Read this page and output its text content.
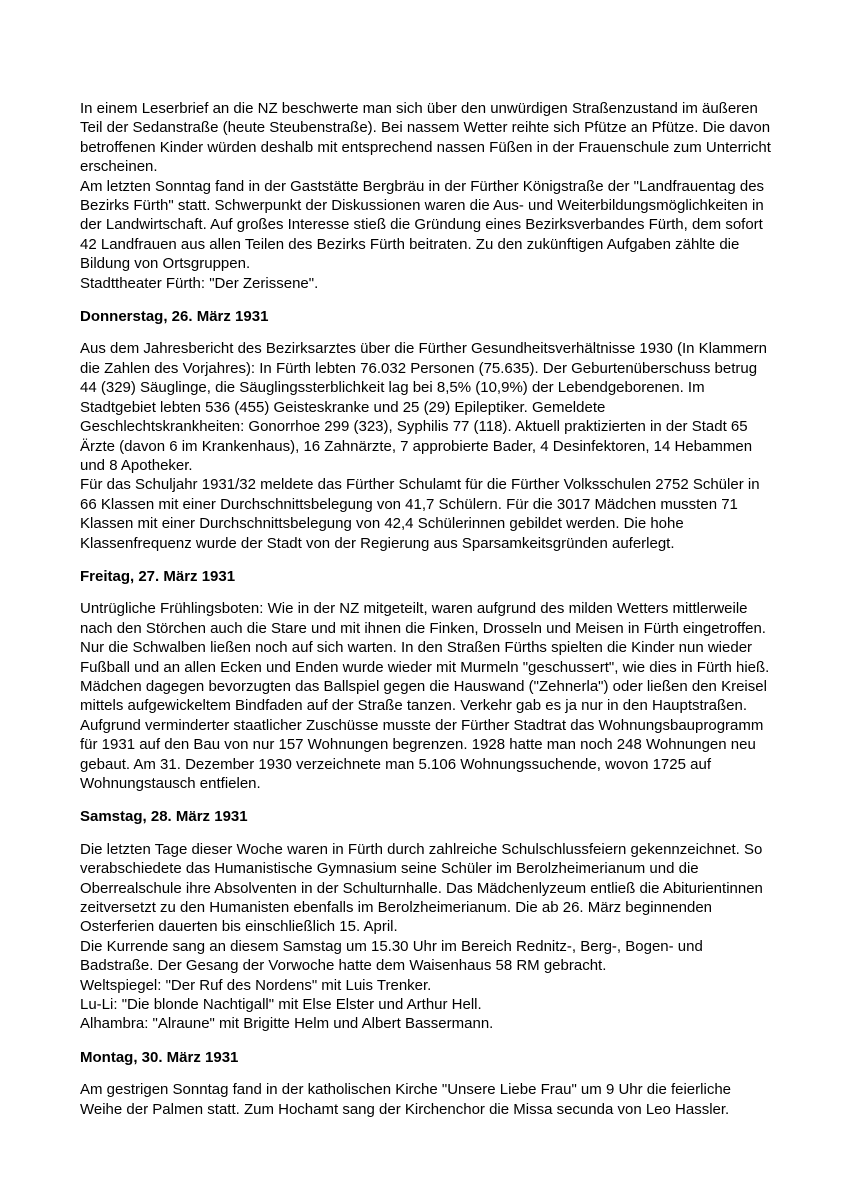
In einem Leserbrief an die NZ beschwerte man sich über den unwürdigen Straßenzustand im äußeren Teil der Sedanstraße (heute Steubenstraße). Bei nassem Wetter reihte sich Pfütze an Pfütze. Die davon betroffenen Kinder würden deshalb mit entsprechend nassen Füßen in der Frauenschule zum Unterricht erscheinen.

Am letzten Sonntag fand in der Gaststätte Bergbräu in der Fürther Königstraße der "Landfrauentag des Bezirks Fürth" statt. Schwerpunkt der Diskussionen waren die Aus- und Weiterbildungsmöglichkeiten in der Landwirtschaft. Auf großes Interesse stieß die Gründung eines Bezirksverbandes Fürth, dem sofort 42 Landfrauen aus allen Teilen des Bezirks Fürth beitraten. Zu den zukünftigen Aufgaben zählte die Bildung von Ortsgruppen.

Stadttheater Fürth: "Der Zerissene".

Donnerstag, 26. März 1931

Aus dem Jahresbericht des Bezirksarztes über die Fürther Gesundheitsverhältnisse 1930 (In Klammern die Zahlen des Vorjahres): In Fürth lebten 76.032 Personen (75.635). Der Geburtenüberschuss betrug 44 (329) Säuglinge, die Säuglingssterblichkeit lag bei 8,5% (10,9%) der Lebendgeborenen. Im Stadtgebiet lebten 536 (455) Geisteskranke und 25 (29) Epileptiker. Gemeldete Geschlechtskrankheiten: Gonorrhoe 299 (323), Syphilis 77 (118). Aktuell praktizierten in der Stadt 65 Ärzte (davon 6 im Krankenhaus), 16 Zahnärzte, 7 approbierte Bader, 4 Desinfektoren, 14 Hebammen und 8 Apotheker.

Für das Schuljahr 1931/32 meldete das Fürther Schulamt für die Fürther Volksschulen 2752 Schüler in 66 Klassen mit einer Durchschnittsbelegung von 41,7 Schülern. Für die 3017 Mädchen mussten 71 Klassen mit einer Durchschnittsbelegung von 42,4 Schülerinnen gebildet werden. Die hohe Klassenfrequenz wurde der Stadt von der Regierung aus Sparsamkeitsgründen auferlegt.

Freitag, 27. März 1931

Untrügliche Frühlingsboten: Wie in der NZ mitgeteilt, waren aufgrund des milden Wetters mittlerweile nach den Störchen auch die Stare und mit ihnen die Finken, Drosseln und Meisen in Fürth eingetroffen. Nur die Schwalben ließen noch auf sich warten. In den Straßen Fürths spielten die Kinder nun wieder Fußball und an allen Ecken und Enden wurde wieder mit Murmeln "geschussert", wie dies in Fürth hieß. Mädchen dagegen bevorzugten das Ballspiel gegen die Hauswand ("Zehnerla") oder ließen den Kreisel mittels aufgewickeltem Bindfaden auf der Straße tanzen. Verkehr gab es ja nur in den Hauptstraßen.

Aufgrund verminderter staatlicher Zuschüsse musste der Fürther Stadtrat das Wohnungsbauprogramm für 1931 auf den Bau von nur 157 Wohnungen begrenzen. 1928 hatte man noch 248 Wohnungen neu gebaut. Am 31. Dezember 1930 verzeichnete man 5.106 Wohnungssuchende, wovon 1725 auf Wohnungstausch entfielen.

Samstag, 28. März 1931

Die letzten Tage dieser Woche waren in Fürth durch zahlreiche Schulschlussfeiern gekennzeichnet. So verabschiedete das Humanistische Gymnasium seine Schüler im Berolzheimerianum und die Oberrealschule ihre Absolventen in der Schulturnhalle. Das Mädchenlyzeum entließ die Abiturientinnen zeitversetzt zu den Humanisten ebenfalls im Berolzheimerianum. Die ab 26. März beginnenden Osterferien dauerten bis einschließlich 15. April.

Die Kurrende sang an diesem Samstag um 15.30 Uhr im Bereich Rednitz-, Berg-, Bogen- und Badstraße. Der Gesang der Vorwoche hatte dem Waisenhaus 58 RM gebracht.

Weltspiegel: "Der Ruf des Nordens" mit Luis Trenker.

Lu-Li: "Die blonde Nachtigall" mit Else Elster und Arthur Hell.

Alhambra: "Alraune" mit Brigitte Helm und Albert Bassermann.

Montag, 30. März 1931

Am gestrigen Sonntag fand in der katholischen Kirche "Unsere Liebe Frau" um 9 Uhr die feierliche Weihe der Palmen statt. Zum Hochamt sang der Kirchenchor die Missa secunda von Leo Hassler.
